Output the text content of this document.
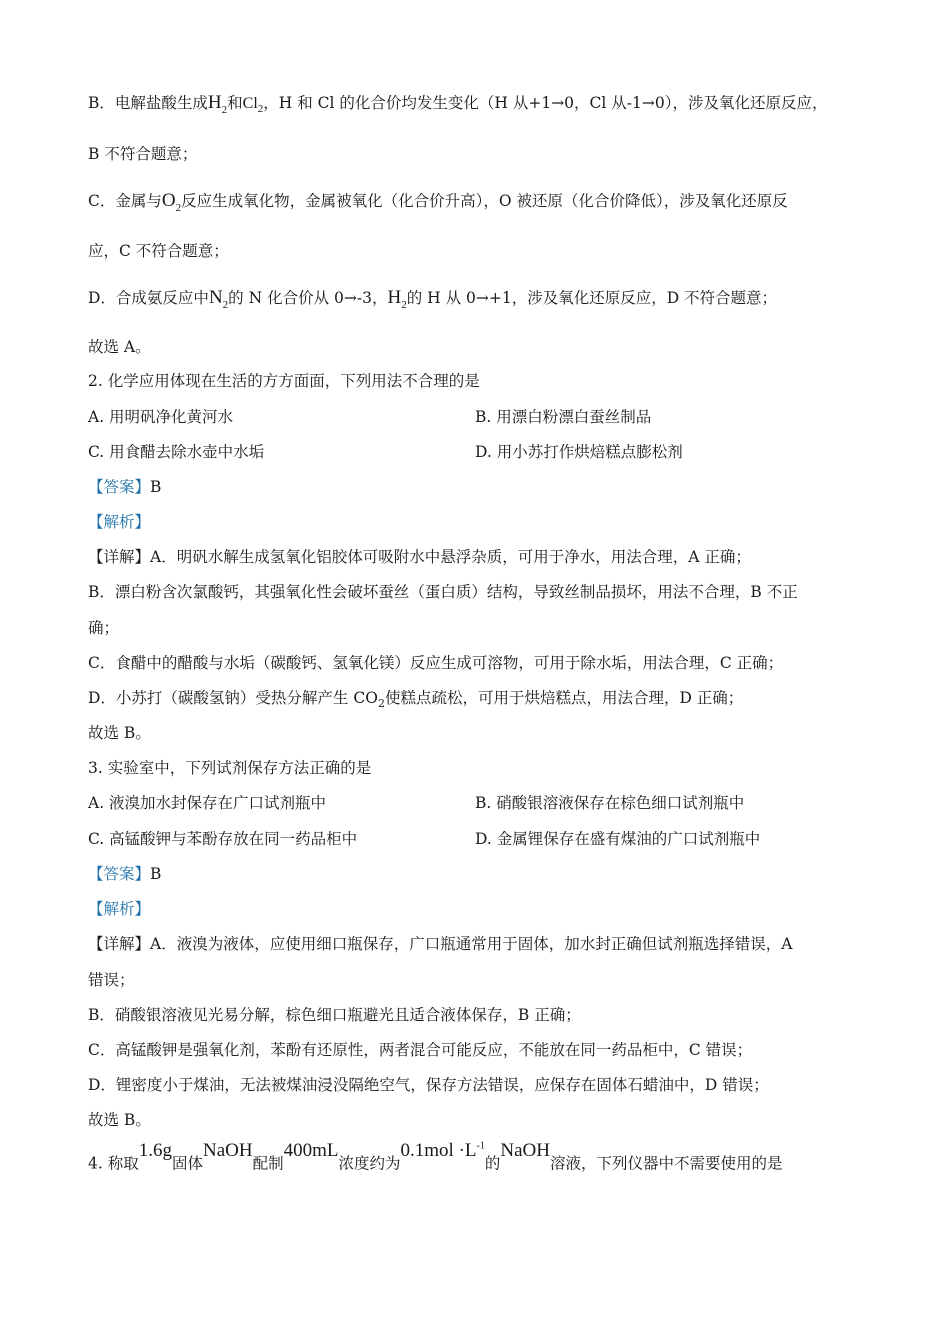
B．电解盐酸生成$H_2$和$Cl_2$，H 和 Cl 的化合价均发生变化（H 从+1→0，Cl 从-1→0），涉及氧化还原反应，
B 不符合题意；
C．金属与$O_2$反应生成氧化物，金属被氧化（化合价升高），O 被还原（化合价降低），涉及氧化还原反
应，C 不符合题意；
D．合成氨反应中$N_2$的 N 化合价从 0→-3，$H_2$的 H 从 0→+1，涉及氧化还原反应，D 不符合题意；
故选 A。
2. 化学应用体现在生活的方方面面，下列用法不合理的是
A. 用明矾净化黄河水	B. 用漂白粉漂白蚕丝制品
C. 用食醋去除水壶中水垢	D. 用小苏打作烘焙糕点膨松剂
【答案】B
【解析】
【详解】A．明矾水解生成氢氧化铝胶体可吸附水中悬浮杂质，可用于净水，用法合理，A 正确；
B．漂白粉含次氯酸钙，其强氧化性会破坏蚕丝（蛋白质）结构，导致丝制品损坏，用法不合理，B 不正
确；
C．食醋中的醋酸与水垢（碳酸钙、氢氧化镁）反应生成可溶物，可用于除水垢，用法合理，C 正确；
D．小苏打（碳酸氢钠）受热分解产生 $CO_2$使糕点疏松，可用于烘焙糕点，用法合理，D 正确；
故选 B。
3. 实验室中，下列试剂保存方法正确的是
A. 液溴加水封保存在广口试剂瓶中	B. 硝酸银溶液保存在棕色细口试剂瓶中
C. 高锰酸钾与苯酚存放在同一药品柜中	D. 金属锂保存在盛有煤油的广口试剂瓶中
【答案】B
【解析】
【详解】A．液溴为液体，应使用细口瓶保存，广口瓶通常用于固体，加水封正确但试剂瓶选择错误，A
错误；
B．硝酸银溶液见光易分解，棕色细口瓶避光且适合液体保存，B 正确；
C．高锰酸钾是强氧化剂，苯酚有还原性，两者混合可能反应，不能放在同一药品柜中，C 错误；
D．锂密度小于煤油，无法被煤油浸没隔绝空气，保存方法错误，应保存在固体石蜡油中，D 错误；
故选 B。
4. 称取1.6g固体NaOH配制400mL浓度约为$0.1mol \cdot L^{-1}$的NaOH溶液，下列仪器中不需要使用的是
